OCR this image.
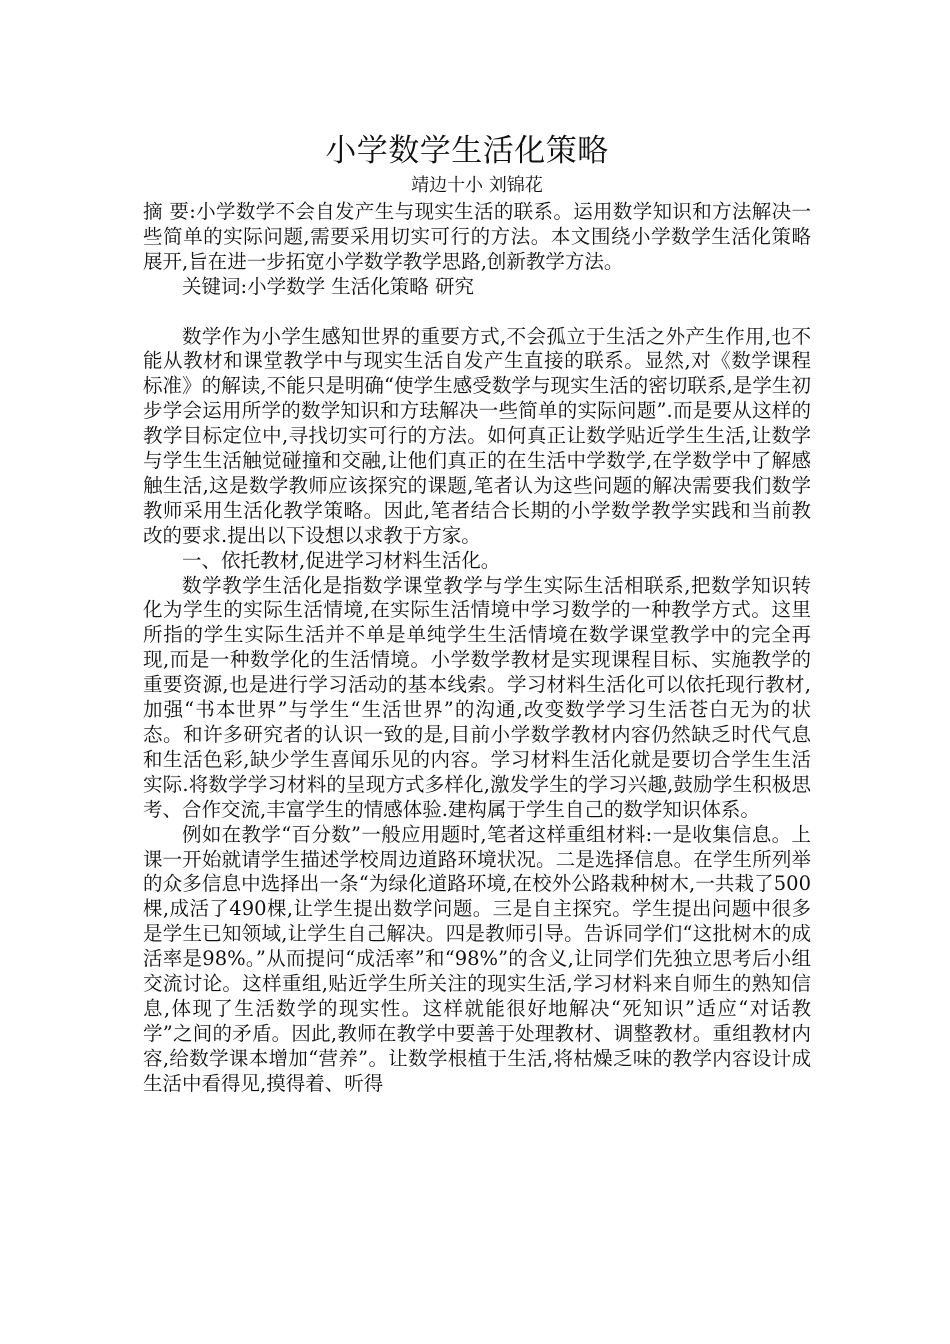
小学数学生活化策略
靖边十小 刘锦花

摘 要:小学数学不会自发产生与现实生活的联系。运用数学知识和方法解决一些简单的实际问题,需要采用切实可行的方法。本文围绕小学数学生活化策略展开,旨在进一步拓宽小学数学教学思路,创新教学方法。

关键词:小学数学 生活化策略 研究

数学作为小学生感知世界的重要方式,不会孤立于生活之外产生作用,也不能从教材和课堂教学中与现实生活自发产生直接的联系。显然,对《数学课程标准》的解读,不能只是明确“使学生感受数学与现实生活的密切联系,是学生初步学会运用所学的数学知识和方珐解决一些简单的实际问题”.而是要从这样的教学目标定位中,寻找切实可行的方法。如何真正让数学贴近学生生活,让数学与学生生活触觉碰撞和交融,让他们真正的在生活中学数学,在学数学中了解感触生活,这是数学教师应该探究的课题,笔者认为这些问题的解决需要我们数学教师采用生活化教学策略。因此,笔者结合长期的小学数学教学实践和当前教改的要求.提出以下设想以求教于方家。

一、依托教材,促进学习材料生活化。

数学教学生活化是指数学课堂教学与学生实际生活相联系,把数学知识转化为学生的实际生活情境,在实际生活情境中学习数学的一种教学方式。这里所指的学生实际生活并不单是单纯学生生活情境在数学课堂教学中的完全再现,而是一种数学化的生活情境。小学数学教材是实现课程目标、实施教学的重要资源,也是进行学习活动的基本线索。学习材料生活化可以依托现行教材,加强“书本世界”与学生“生活世界”的沟通,改变数学学习生活苍白无为的状态。和许多研究者的认识一致的是,目前小学数学教材内容仍然缺乏时代气息和生活色彩,缺少学生喜闻乐见的内容。学习材料生活化就是要切合学生生活实际.将数学学习材料的呈现方式多样化,激发学生的学习兴趣,鼓励学生积极思考、合作交流,丰富学生的情感体验.建构属于学生自己的数学知识体系。

例如在教学“百分数”一般应用题时,笔者这样重组材料:一是收集信息。上课一开始就请学生描述学校周边道路环境状况。二是选择信息。在学生所列举的众多信息中选择出一条“为绿化道路环境,在校外公路栽种树木,一共栽了500棵,成活了490棵,让学生提出数学问题。三是自主探究。学生提出问题中很多是学生已知领域,让学生自己解决。四是教师引导。告诉同学们“这批树木的成活率是98%。”从而提问“成活率”和“98%”的含义,让同学们先独立思考后小组交流讨论。这样重组,贴近学生所关注的现实生活,学习材料来自师生的熟知信息,体现了生活数学的现实性。这样就能很好地解决“死知识”适应“对话教学”之间的矛盾。因此,教师在教学中要善于处理教材、调整教材。重组教材内容,给数学课本增加“营养”。让数学根植于生活,将枯燥乏味的教学内容设计成生活中看得见,摸得着、听得
